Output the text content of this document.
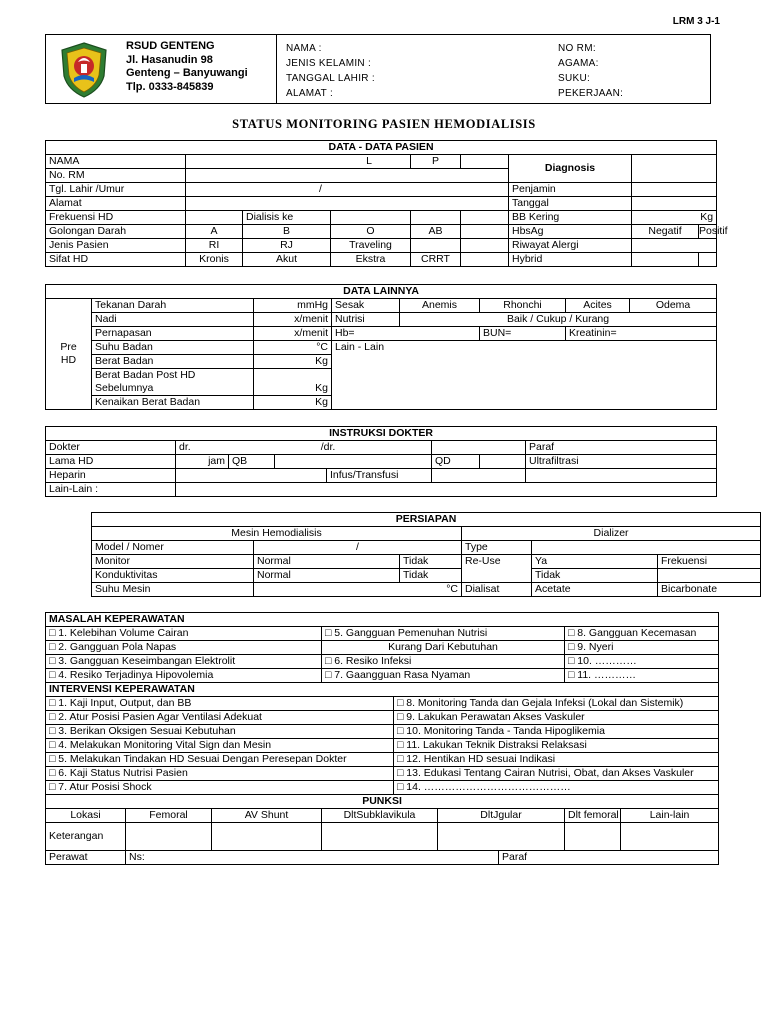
LRM 3 J-1
RSUD GENTENG
Jl. Hasanudin 98
Genteng – Banyuwangi
Tlp. 0333-845839
NAMA :
JENIS KELAMIN :
TANGGAL LAHIR :
ALAMAT :
NO RM:
AGAMA:
SUKU:
PEKERJAAN:
STATUS MONITORING PASIEN HEMODIALISIS
DATA - DATA PASIEN								
NAMA	L			P		Diagnosis		
No. RM								
Tgl. Lahir /Umur	/					Penjamin		
Alamat						Tanggal		
Frekuensi HD		Dialisis ke				BB Kering	Kg	
Golongan Darah	A	B	O	AB		HbsAg	Negatif	Positif
Jenis Pasien	RI	RJ	Traveling			Riwayat Alergi		
Sifat HD	Kronis	Akut	Ekstra	CRRT		Hybrid		
DATA LAINNYA							

Pre
HD	Tekanan Darah	mmHg	Sesak	Anemis	Rhonchi	Acites	Odema
	Nadi	x/menit	Nutrisi	Baik / Cukup / Kurang			
	Pernapasan	x/menit	Hb=		BUN=	Kreatinin=	
	Suhu Badan	°C	Lain - Lain				
	Berat Badan	Kg					

	Berat Badan Post HD
Sebelumnya	Kg					

	Kenaikan Berat Badan	Kg					
INSTRUKSI DOKTER							
Dokter	dr. /dr.						Paraf
Lama HD	jam	QB			QD		Ultrafiltrasi
Heparin				Infus/Transfusi			
Lain-Lain :							
PERSIAPAN					
Mesin Hemodialisis			Dializer		
Model / Nomer	/		Type		
Monitor	Normal	Tidak	Re-Use	Ya	Frekuensi
Konduktivitas	Normal	Tidak		Tidak	
Suhu Mesin	°C		Dialisat	Acetate	Bicarbonate
MASALAH KEPERAWATAN								
□ 1. Kelebihan Volume Cairan			□ 5. Gangguan Pemenuhan Nutrisi				□ 8. Gangguan Kecemasan	
□ 2. Gangguan Pola Napas			Kurang Dari Kebutuhan				□ 9. Nyeri	
□ 3. Gangguan Keseimbangan Elektrolit			□ 6. Resiko Infeksi				□ 10. …………	
□ 4. Resiko Terjadinya Hipovolemia			□ 7. Gaangguan Rasa Nyaman				□ 11. …………	
INTERVENSI KEPERAWATAN								
□ 1. Kaji Input, Output, dan BB				□ 8. Monitoring Tanda dan Gejala Infeksi (Lokal dan Sistemik)				
□ 2. Atur Posisi Pasien Agar Ventilasi Adekuat				□ 9. Lakukan Perawatan Akses Vaskuler				
□ 3. Berikan Oksigen Sesuai Kebutuhan				□ 10. Monitoring Tanda - Tanda Hipoglikemia				
□ 4. Melakukan Monitoring Vital Sign dan Mesin				□ 11. Lakukan Teknik Distraksi Relaksasi				
□ 5. Melakukan Tindakan HD Sesuai Dengan Peresepan Dokter				□ 12. Hentikan HD sesuai Indikasi				
□ 6. Kaji Status Nutrisi Pasien				□ 13. Edukasi Tentang Cairan Nutrisi, Obat, dan Akses Vaskuler				
□ 7. Atur Posisi Shock				□ 14. ……………………………………				
PUNKSI								
Lokasi	Femoral	AV Shunt	DltSubklavikula		DltJgular		Dlt femoral	Lain-lain
Keterangan								
Perawat	Ns:					Paraf		
